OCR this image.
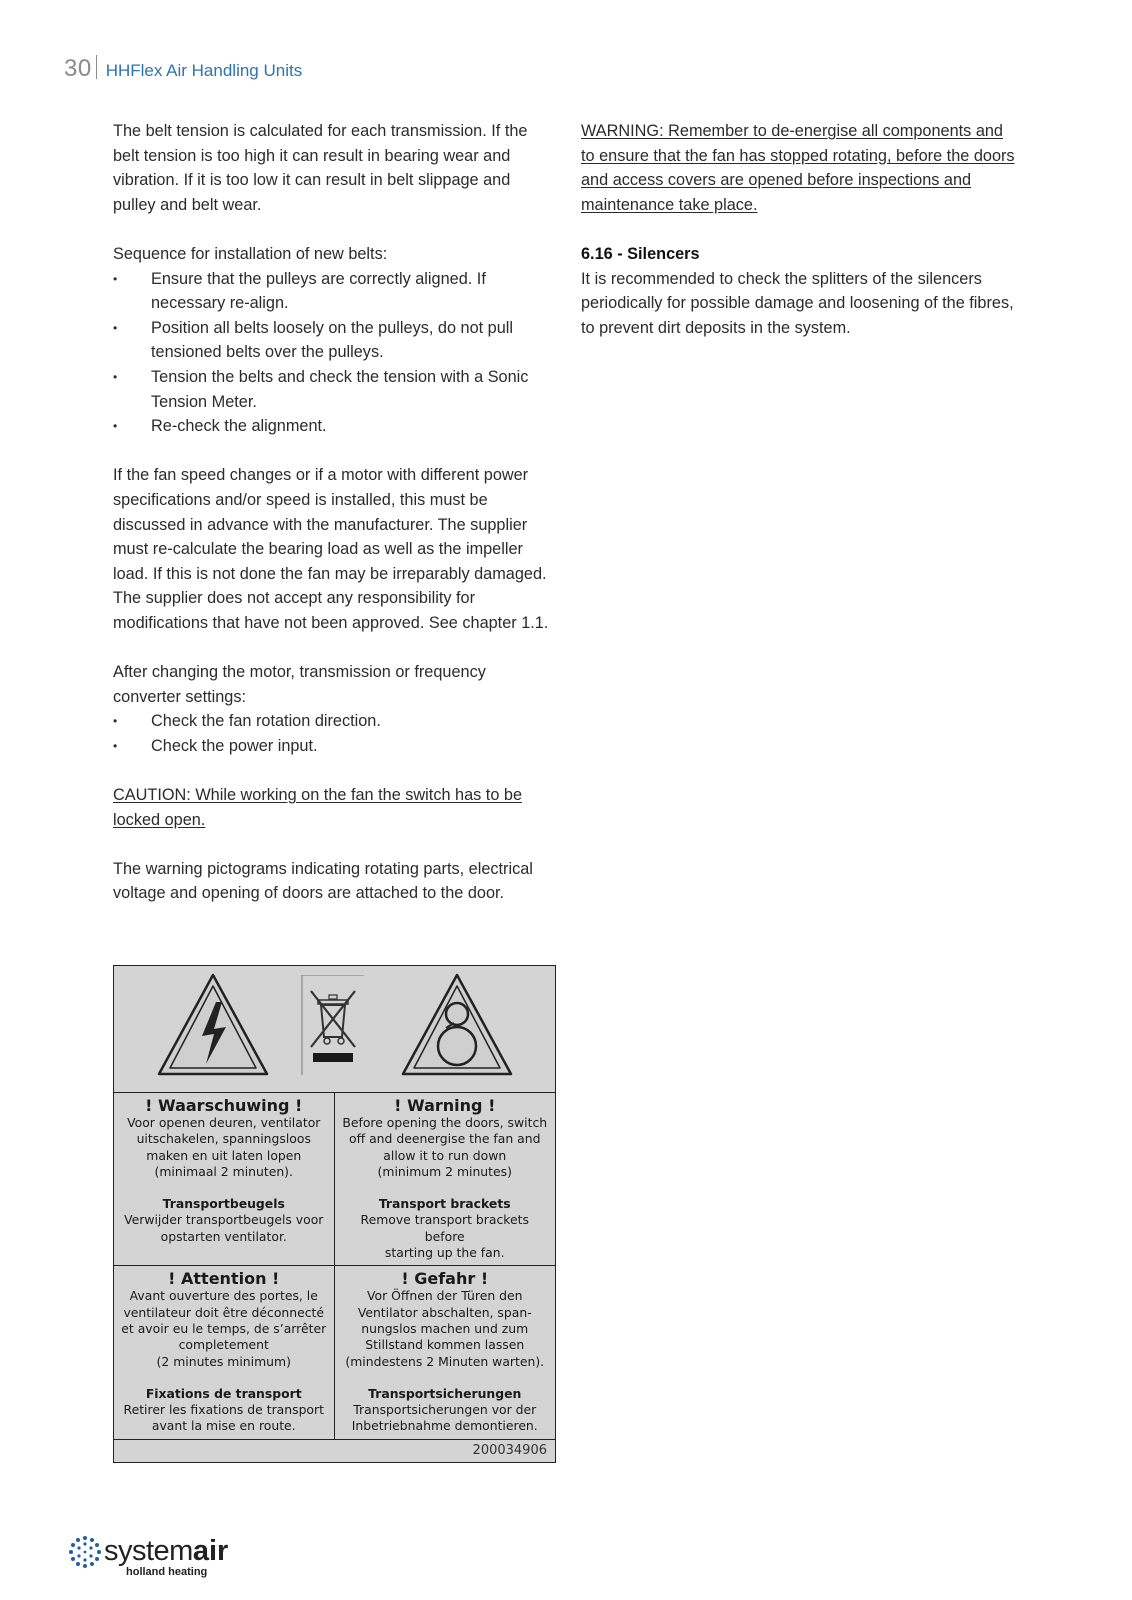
30 HHFlex Air Handling Units

The belt tension is calculated for each transmission. If the belt tension is too high it can result in bearing wear and vibration. If it is too low it can result in belt slippage and pulley and belt wear.

Sequence for installation of new belts:

• Ensure that the pulleys are correctly aligned. If necessary re-align.
• Position all belts loosely on the pulleys, do not pull tensioned belts over the pulleys.
• Tension the belts and check the tension with a Sonic Tension Meter.
• Re-check the alignment.

If the fan speed changes or if a motor with different power specifications and/or speed is installed, this must be discussed in advance with the manufacturer. The supplier must re-calculate the bearing load as well as the impeller load. If this is not done the fan may be irreparably damaged. The supplier does not accept any responsibility for modifications that have not been approved. See chapter 1.1.

After changing the motor, transmission or frequency converter settings:

• Check the fan rotation direction.
• Check the power input.

CAUTION: While working on the fan the switch has to be locked open.

The warning pictograms indicating rotating parts, electrical voltage and opening of doors are attached to the door.

WARNING: Remember to de-energise all components and to ensure that the fan has stopped rotating, before the doors and access covers are opened before inspections and maintenance take place.

6.16 - Silencers

It is recommended to check the splitters of the silencers periodically for possible damage and loosening of the fibres, to prevent dirt deposits in the system.

! Waarschuwing !
Voor openen deuren, ventilator
uitschakelen, spanningsloos
maken en uit laten lopen
(minimaal 2 minuten).
Transportbeugels
Verwijder transportbeugels voor
opstarten ventilator.
! Warning !
Before opening the doors, switch
off and deenergise the fan and
allow it to run down
(minimum 2 minutes)
Transport brackets
Remove transport brackets before
starting up the fan.
! Attention !
Avant ouverture des portes, le
ventilateur doit être déconnecté
et avoir eu le temps, de s’arrêter
completement
(2 minutes minimum)
Fixations de transport
Retirer les fixations de transport
avant la mise en route.
! Gefahr !
Vor Öffnen der Türen den
Ventilator abschalten, span-
nungslos machen und zum
Stillstand kommen lassen
(mindestens 2 Minuten warten).
Transportsicherungen
Transportsicherungen vor der
Inbetriebnahme demontieren.
200034906
systemair
holland heating
